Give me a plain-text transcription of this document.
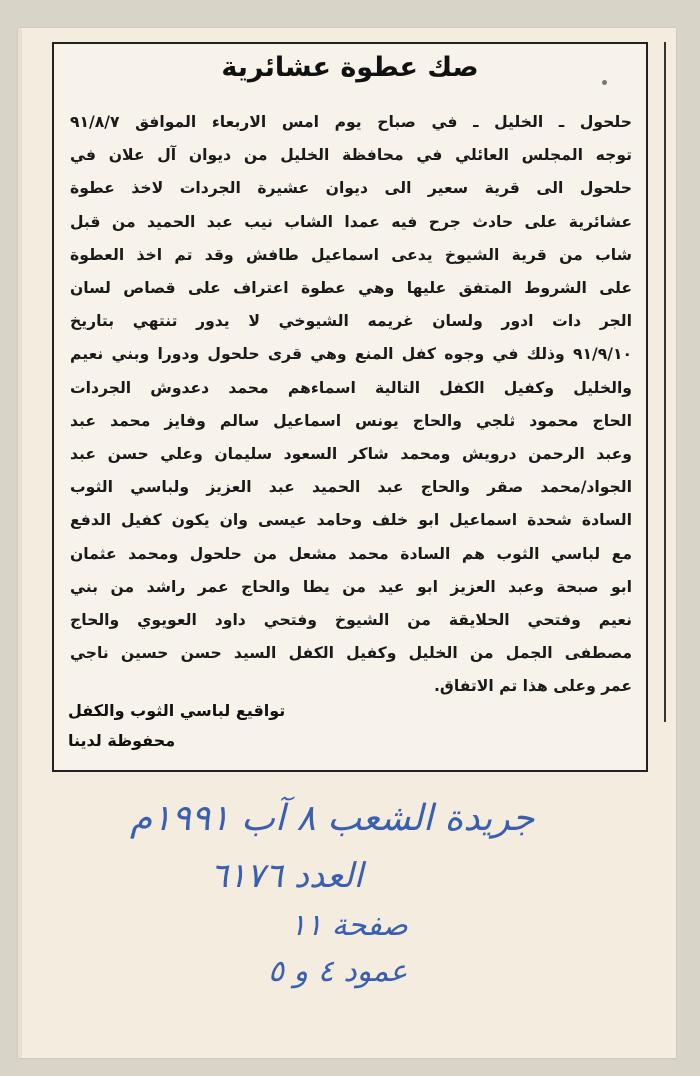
صك عطوة عشائرية
حلحول ـ الخليل ـ في صباح يوم امس الاربعاء الموافق ٩١/٨/٧
توجه المجلس العائلي في محافظة الخليل من ديوان آل علان في
حلحول الى قرية سعير الى ديوان عشيرة الجردات لاخذ عطوة
عشائرية على حادث جرح فيه عمدا الشاب نيب عبد الحميد من قبل
شاب من قرية الشيوخ يدعى اسماعيل طافش وقد تم اخذ العطوة
على الشروط المتفق عليها وهي عطوة اعتراف على قصاص لسان
الجر دات ادور ولسان غريمه الشيوخي لا يدور تنتهي بتاريخ
٩١/٩/١٠ وذلك في وجوه كفل المنع وهي قرى حلحول ودورا وبني نعيم
والخليل وكفيل الكفل التالية اسماءهم محمد دعدوش الجردات
الحاج محمود ثلجي والحاج يونس اسماعيل سالم وفايز محمد عبد
وعبد الرحمن درويش ومحمد شاكر السعود سليمان وعلي حسن عبد
الجواد/محمد صقر والحاج عبد الحميد عبد العزيز ولباسي الثوب
السادة شحدة اسماعيل ابو خلف وحامد عيسى وان يكون كفيل الدفع
مع لباسي الثوب هم السادة محمد مشعل من حلحول ومحمد عثمان
ابو صبحة وعبد العزيز ابو عيد من يطا والحاج عمر راشد من بني
نعيم وفتحي الحلايقة من الشيوخ وفتحي داود العويوي والحاج
مصطفى الجمل من الخليل وكفيل الكفل السيد حسن حسين ناجي
عمر وعلى هذا تم الاتفاق.
تواقيع لباسي الثوب والكفل
محفوظة لدينا
جريدة الشعب ٨ آب ١٩٩١م
العدد ٦١٧٦
صفحة ١١
عمود ٤ و ٥
